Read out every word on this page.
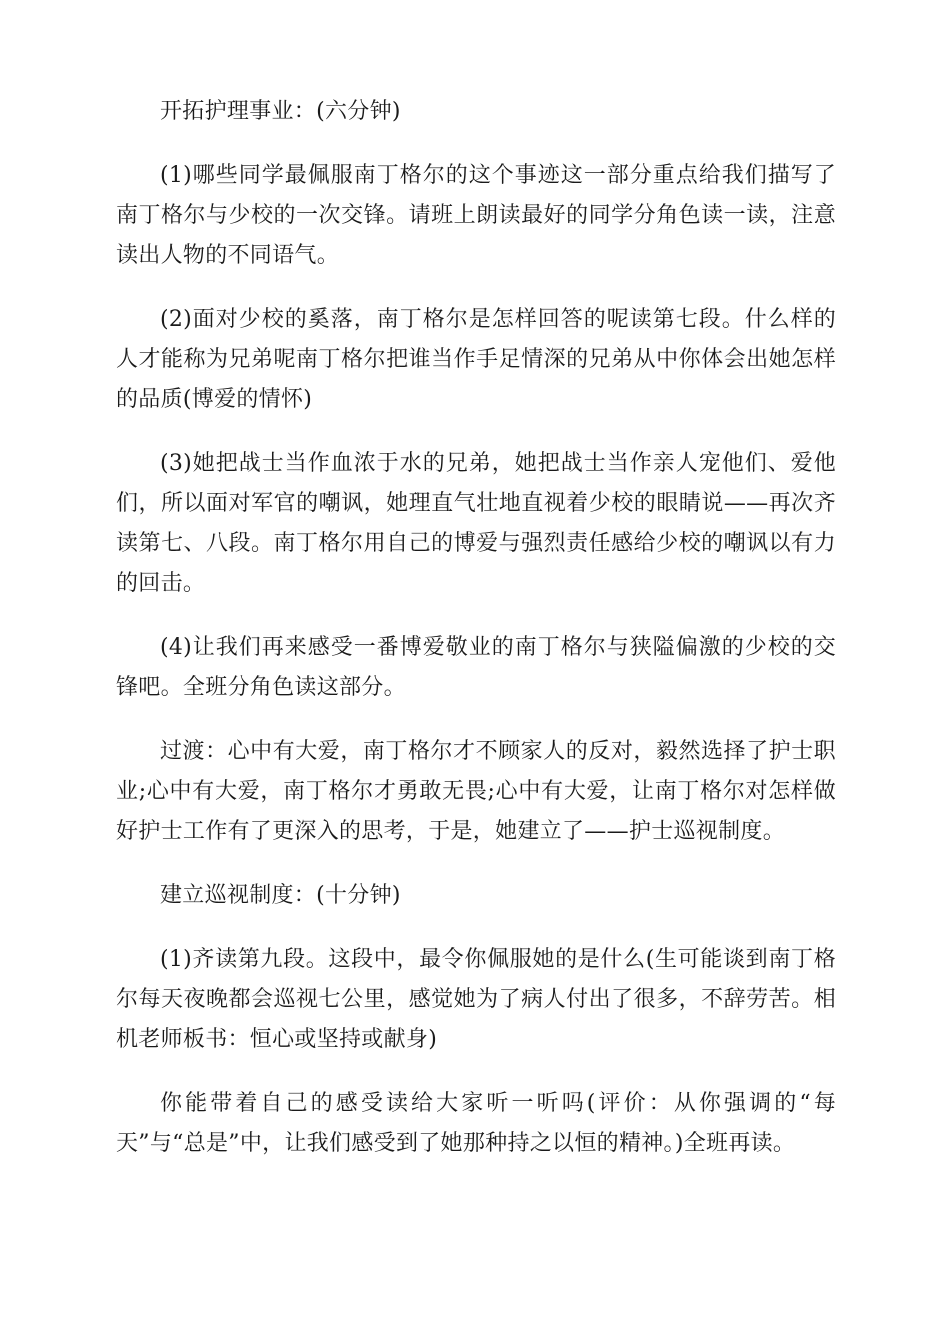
开拓护理事业：(六分钟)

(1)哪些同学最佩服南丁格尔的这个事迹这一部分重点给我们描写了南丁格尔与少校的一次交锋。请班上朗读最好的同学分角色读一读，注意读出人物的不同语气。

(2)面对少校的奚落，南丁格尔是怎样回答的呢读第七段。什么样的人才能称为兄弟呢南丁格尔把谁当作手足情深的兄弟从中你体会出她怎样的品质(博爱的情怀)

(3)她把战士当作血浓于水的兄弟，她把战士当作亲人宠他们、爱他们，所以面对军官的嘲讽，她理直气壮地直视着少校的眼睛说——再次齐读第七、八段。南丁格尔用自己的博爱与强烈责任感给少校的嘲讽以有力的回击。

(4)让我们再来感受一番博爱敬业的南丁格尔与狭隘偏激的少校的交锋吧。全班分角色读这部分。

过渡：心中有大爱，南丁格尔才不顾家人的反对，毅然选择了护士职业;心中有大爱，南丁格尔才勇敢无畏;心中有大爱，让南丁格尔对怎样做好护士工作有了更深入的思考，于是，她建立了——护士巡视制度。

建立巡视制度：(十分钟)

(1)齐读第九段。这段中，最令你佩服她的是什么(生可能谈到南丁格尔每天夜晚都会巡视七公里，感觉她为了病人付出了很多，不辞劳苦。相机老师板书：恒心或坚持或献身)

你能带着自己的感受读给大家听一听吗(评价：从你强调的“每天”与“总是”中，让我们感受到了她那种持之以恒的精神。)全班再读。
